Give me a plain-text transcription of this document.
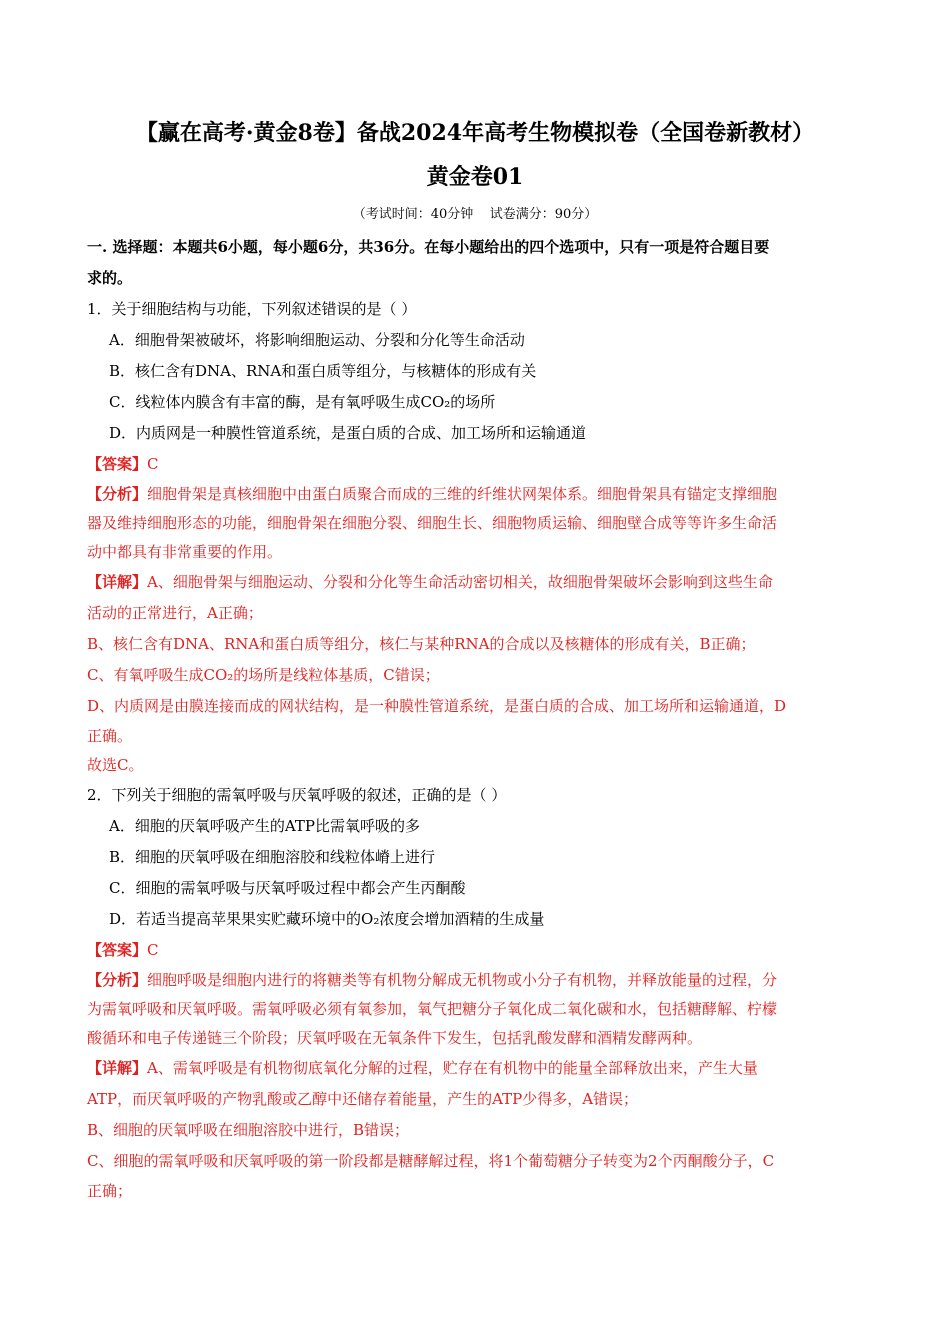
【赢在高考·黄金8卷】备战2024年高考生物模拟卷（全国卷新教材）
黄金卷01
（考试时间：40分钟    试卷满分：90分）
一. 选择题：本题共6小题，每小题6分，共36分。在每小题给出的四个选项中，只有一项是符合题目要
求的。
1．关于细胞结构与功能，下列叙述错误的是（ ）
A．细胞骨架被破坏，将影响细胞运动、分裂和分化等生命活动
B．核仁含有DNA、RNA和蛋白质等组分，与核糖体的形成有关
C．线粒体内膜含有丰富的酶，是有氧呼吸生成CO₂的场所
D．内质网是一种膜性管道系统，是蛋白质的合成、加工场所和运输通道
【答案】C
【分析】细胞骨架是真核细胞中由蛋白质聚合而成的三维的纤维状网架体系。细胞骨架具有锚定支撑细胞
器及维持细胞形态的功能，细胞骨架在细胞分裂、细胞生长、细胞物质运输、细胞壁合成等等许多生命活
动中都具有非常重要的作用。
【详解】A、细胞骨架与细胞运动、分裂和分化等生命活动密切相关，故细胞骨架破坏会影响到这些生命
活动的正常进行，A正确；
B、核仁含有DNA、RNA和蛋白质等组分，核仁与某种RNA的合成以及核糖体的形成有关，B正确；
C、有氧呼吸生成CO₂的场所是线粒体基质，C错误；
D、内质网是由膜连接而成的网状结构，是一种膜性管道系统，是蛋白质的合成、加工场所和运输通道，D
正确。
故选C。
2．下列关于细胞的需氧呼吸与厌氧呼吸的叙述，正确的是（ ）
A．细胞的厌氧呼吸产生的ATP比需氧呼吸的多
B．细胞的厌氧呼吸在细胞溶胶和线粒体嵴上进行
C．细胞的需氧呼吸与厌氧呼吸过程中都会产生丙酮酸
D．若适当提高苹果果实贮藏环境中的O₂浓度会增加酒精的生成量
【答案】C
【分析】细胞呼吸是细胞内进行的将糖类等有机物分解成无机物或小分子有机物，并释放能量的过程，分
为需氧呼吸和厌氧呼吸。需氧呼吸必须有氧参加，氧气把糖分子氧化成二氧化碳和水，包括糖酵解、柠檬
酸循环和电子传递链三个阶段；厌氧呼吸在无氧条件下发生，包括乳酸发酵和酒精发酵两种。
【详解】A、需氧呼吸是有机物彻底氧化分解的过程，贮存在有机物中的能量全部释放出来，产生大量
ATP，而厌氧呼吸的产物乳酸或乙醇中还储存着能量，产生的ATP少得多，A错误；
B、细胞的厌氧呼吸在细胞溶胶中进行，B错误；
C、细胞的需氧呼吸和厌氧呼吸的第一阶段都是糖酵解过程，将1个葡萄糖分子转变为2个丙酮酸分子，C
正确；
